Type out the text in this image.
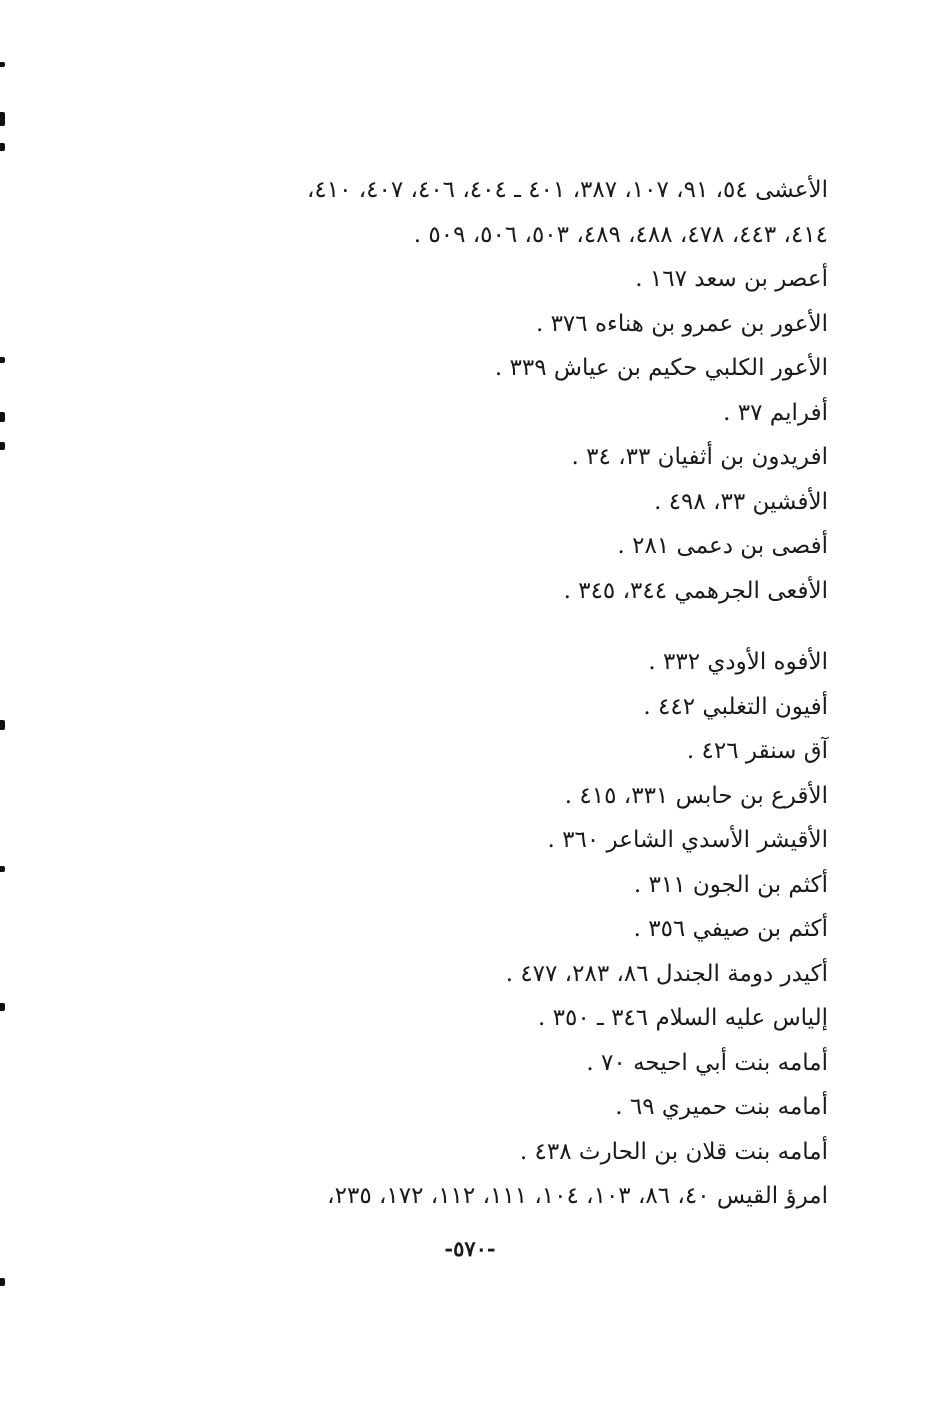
الأعشى ٥٤، ٩١، ١٠٧، ٣٨٧، ٤٠١ ـ ٤٠٤، ٤٠٦، ٤٠٧، ٤١٠،
٤١٤، ٤٤٣، ٤٧٨، ٤٨٨، ٤٨٩، ٥٠٣، ٥٠٦، ٥٠٩ .
أعصر بن سعد ١٦٧ .
الأعور بن عمرو بن هناءه ٣٧٦ .
الأعور الكلبي حكيم بن عياش ٣٣٩ .
أفرايم ٣٧ .
افريدون بن أثفيان ٣٣، ٣٤ .
الأفشين ٣٣، ٤٩٨ .
أفصى بن دعمى ٢٨١ .
الأفعى الجرهمي ٣٤٤، ٣٤٥ .
الأفوه الأودي ٣٣٢ .
أفيون التغلبي ٤٤٢ .
آق سنقر ٤٢٦ .
الأقرع بن حابس ٣٣١، ٤١٥ .
الأقيشر الأسدي الشاعر ٣٦٠ .
أكثم بن الجون ٣١١ .
أكثم بن صيفي ٣٥٦ .
أكيدر دومة الجندل ٨٦، ٢٨٣، ٤٧٧ .
إلياس عليه السلام ٣٤٦ ـ ٣٥٠ .
أمامه بنت أبي احيحه ٧٠ .
أمامه بنت حميري ٦٩ .
أمامه بنت قلان بن الحارث ٤٣٨ .
امرؤ القيس ٤٠، ٨٦، ١٠٣، ١٠٤، ١١١، ١١٢، ١٧٢، ٢٣٥،
-٥٧٠-
